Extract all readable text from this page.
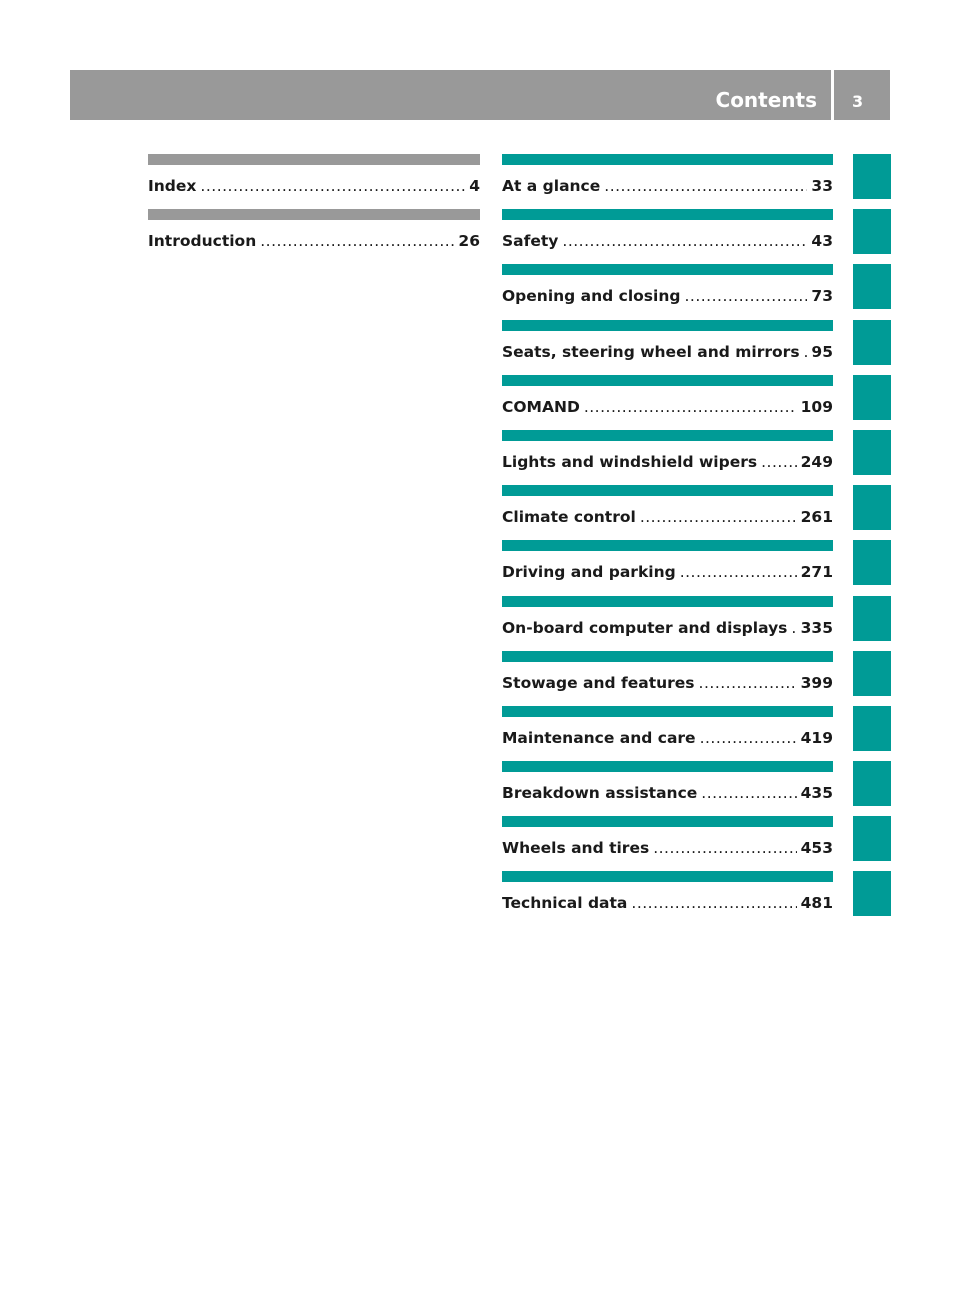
Contents 3
Index .....	4
Introduction .....	26
At a glance .....	33
Safety .....	43
Opening and closing .....	73
Seats, steering wheel and mirrors ..... 95
COMAND .....	109
Lights and windshield wipers .....	249
Climate control .....	261
Driving and parking .....	271
On-board computer and displays ..... 335
Stowage and features .....	399
Maintenance and care .....	419
Breakdown assistance .....	435
Wheels and tires .....	453
Technical data .....	481
